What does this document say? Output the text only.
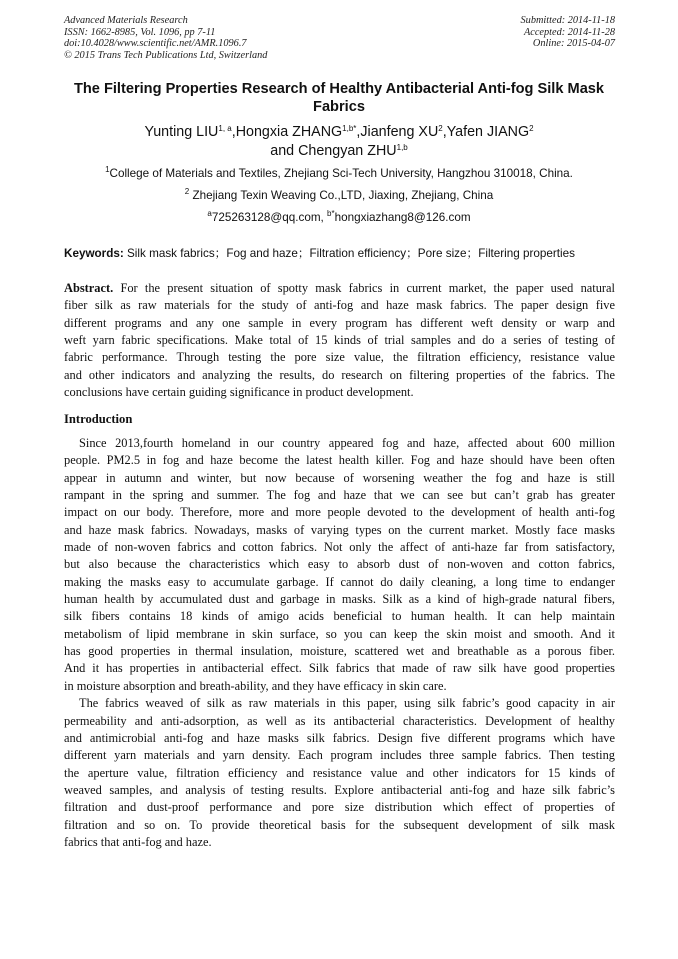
Advanced Materials Research
ISSN: 1662-8985, Vol. 1096, pp 7-11
doi:10.4028/www.scientific.net/AMR.1096.7
© 2015 Trans Tech Publications Ltd, Switzerland
Submitted: 2014-11-18
Accepted: 2014-11-28
Online: 2015-04-07
The Filtering Properties Research of Healthy Antibacterial Anti-fog Silk Mask Fabrics
Yunting LIU$^{1, a}$,Hongxia $ZHANG^{1,b*},Jianfeng$ $XU^2,Yafen$ JIANG$^2$
and Chengyan ZHU$^{1,b}$
$^1$College of Materials and Textiles, Zhejiang Sci-Tech University, Hangzhou 310018, China.
$^2$ Zhejiang Texin Weaving Co.,LTD, Jiaxing, Zhejiang, China
$^a$725263128@qq.com, $^{b*}$hongxiazhang8@126.com
Keywords: Silk mask fabrics；Fog and haze；Filtration efficiency；Pore size；Filtering properties
Abstract. For the present situation of spotty mask fabrics in current market, the paper used natural
fiber silk as raw materials for the study of anti-fog and haze mask fabrics. The paper design five
different programs and any one sample in every program has different weft density or warp and
weft yarn fabric specifications. Make total of 15 kinds of trial samples and do a series of testing of
fabric performance. Through testing the pore size value, the filtration efficiency, resistance value
and other indicators and analyzing the results, do research on filtering properties of the fabrics. The
conclusions have certain guiding significance in product development.
Introduction
Since 2013,fourth homeland in our country appeared fog and haze, affected about 600 million
people. PM2.5 in fog and haze become the latest health killer. Fog and haze should have been often
appear in autumn and winter, but now because of worsening weather the fog and haze is still
rampant in the spring and summer. The fog and haze that we can see but can’t grab has greater
impact on our body. Therefore, more and more people devoted to the development of health anti-fog
and haze mask fabrics. Nowadays, masks of varying types on the current market. Mostly face masks
made of non-woven fabrics and cotton fabrics. Not only the affect of anti-haze far from satisfactory,
but also because the characteristics which easy to absorb dust of non-woven and cotton fabrics,
making the masks easy to accumulate garbage. If cannot do daily cleaning, a long time to endanger
human health by accumulated dust and garbage in masks. Silk as a kind of high-grade natural fibers,
silk fibers contains 18 kinds of amigo acids beneficial to human health. It can help maintain
metabolism of lipid membrane in skin surface, so you can keep the skin moist and smooth. And it
has good properties in thermal insulation, moisture, scattered wet and breathable as a porous fiber.
And it has properties in antibacterial effect. Silk fabrics that made of raw silk have good properties
in moisture absorption and breath-ability, and they have efficacy in skin care.
The fabrics weaved of silk as raw materials in this paper, using silk fabric’s good capacity in air
permeability and anti-adsorption, as well as its antibacterial characteristics. Development of healthy
and antimicrobial anti-fog and haze masks silk fabrics. Design five different programs which have
different yarn materials and yarn density. Each program includes three sample fabrics. Then testing
the aperture value, filtration efficiency and resistance value and other indicators for 15 kinds of
weaved samples, and analysis of testing results. Explore antibacterial anti-fog and haze silk fabric’s
filtration and dust-proof performance and pore size distribution which effect of properties of
filtration and so on. To provide theoretical basis for the subsequent development of silk mask
fabrics that anti-fog and haze.
